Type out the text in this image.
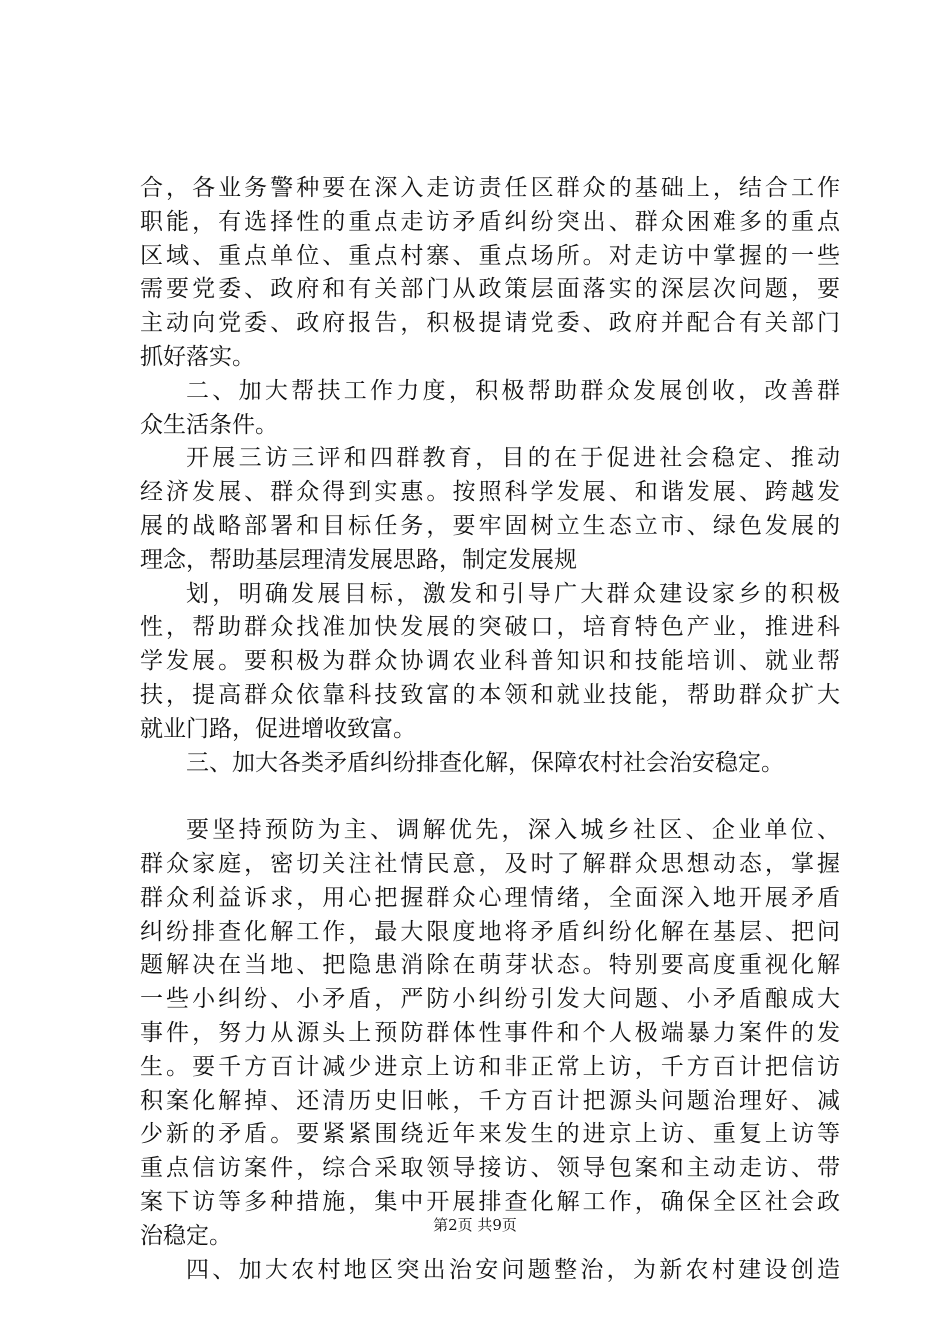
合，各业务警种要在深入走访责任区群众的基础上，结合工作
职能，有选择性的重点走访矛盾纠纷突出、群众困难多的重点
区域、重点单位、重点村寨、重点场所。对走访中掌握的一些
需要党委、政府和有关部门从政策层面落实的深层次问题，要
主动向党委、政府报告，积极提请党委、政府并配合有关部门
抓好落实。
二、加大帮扶工作力度，积极帮助群众发展创收，改善群
众生活条件。
开展三访三评和四群教育，目的在于促进社会稳定、推动
经济发展、群众得到实惠。按照科学发展、和谐发展、跨越发
展的战略部署和目标任务，要牢固树立生态立市、绿色发展的
理念，帮助基层理清发展思路，制定发展规
划，明确发展目标，激发和引导广大群众建设家乡的积极
性，帮助群众找准加快发展的突破口，培育特色产业，推进科
学发展。要积极为群众协调农业科普知识和技能培训、就业帮
扶，提高群众依靠科技致富的本领和就业技能，帮助群众扩大
就业门路，促进增收致富。
三、加大各类矛盾纠纷排查化解，保障农村社会治安稳定。
要坚持预防为主、调解优先，深入城乡社区、企业单位、
群众家庭，密切关注社情民意，及时了解群众思想动态，掌握
群众利益诉求，用心把握群众心理情绪，全面深入地开展矛盾
纠纷排查化解工作，最大限度地将矛盾纠纷化解在基层、把问
题解决在当地、把隐患消除在萌芽状态。特别要高度重视化解
一些小纠纷、小矛盾，严防小纠纷引发大问题、小矛盾酿成大
事件，努力从源头上预防群体性事件和个人极端暴力案件的发
生。要千方百计减少进京上访和非正常上访，千方百计把信访
积案化解掉、还清历史旧帐，千方百计把源头问题治理好、减
少新的矛盾。要紧紧围绕近年来发生的进京上访、重复上访等
重点信访案件，综合采取领导接访、领导包案和主动走访、带
案下访等多种措施，集中开展排查化解工作，确保全区社会政
治稳定。
四、加大农村地区突出治安问题整治，为新农村建设创造
第2页 共9页
